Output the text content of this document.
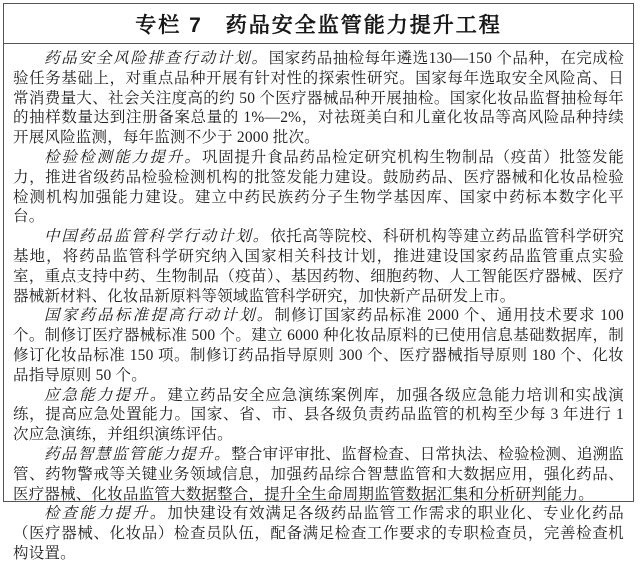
专栏 7　药品安全监管能力提升工程

药品安全风险排查行动计划。国家药品抽检每年遴选130—150 个品种，在完成检验任务基础上，对重点品种开展有针对性的探索性研究。国家每年选取安全风险高、日常消费量大、社会关注度高的约 50 个医疗器械品种开展抽检。国家化妆品监督抽检每年的抽样数量达到注册备案总量的 1%—2%，对祛斑美白和儿童化妆品等高风险品种持续开展风险监测，每年监测不少于 2000 批次。

检验检测能力提升。巩固提升食品药品检定研究机构生物制品（疫苗）批签发能力，推进省级药品检验检测机构的批签发能力建设。鼓励药品、医疗器械和化妆品检验检测机构加强能力建设。建立中药民族药分子生物学基因库、国家中药标本数字化平台。

中国药品监管科学行动计划。依托高等院校、科研机构等建立药品监管科学研究基地，将药品监管科学研究纳入国家相关科技计划，推进建设国家药品监管重点实验室，重点支持中药、生物制品（疫苗）、基因药物、细胞药物、人工智能医疗器械、医疗器械新材料、化妆品新原料等领域监管科学研究，加快新产品研发上市。

国家药品标准提高行动计划。制修订国家药品标准 2000 个、通用技术要求 100 个。制修订医疗器械标准 500 个。建立 6000 种化妆品原料的已使用信息基础数据库，制修订化妆品标准 150 项。制修订药品指导原则 300 个、医疗器械指导原则 180 个、化妆品指导原则 50 个。

应急能力提升。建立药品安全应急演练案例库，加强各级应急能力培训和实战演练，提高应急处置能力。国家、省、市、县各级负责药品监管的机构至少每 3 年进行 1 次应急演练，并组织演练评估。

药品智慧监管能力提升。整合审评审批、监督检查、日常执法、检验检测、追溯监管、药物警戒等关键业务领域信息，加强药品综合智慧监管和大数据应用，强化药品、医疗器械、化妆品监管大数据整合，提升全生命周期监管数据汇集和分析研判能力。

检查能力提升。加快建设有效满足各级药品监管工作需求的职业化、专业化药品（医疗器械、化妆品）检查员队伍，配备满足检查工作要求的专职检查员，完善检查机构设置。
